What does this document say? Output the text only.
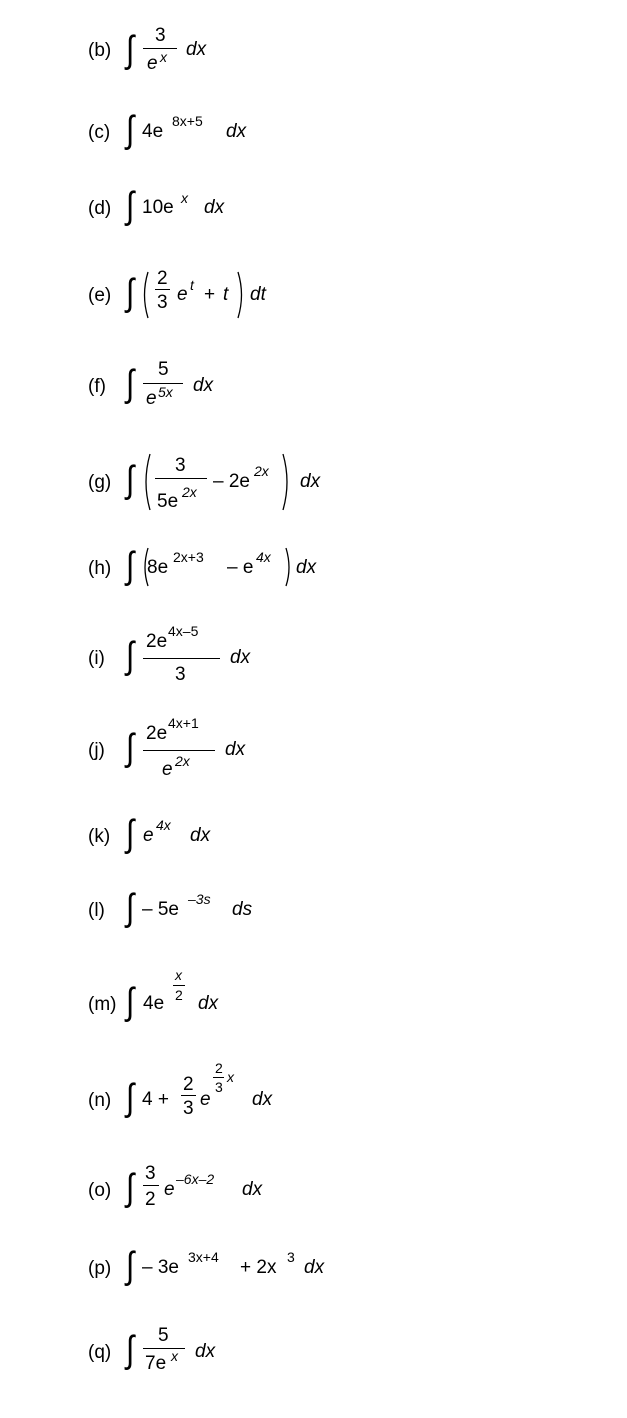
(b) ∫ 3
e x dx
(c) ∫ 4e 8x+5 dx
(d) ∫ 10e x dx
(e) ∫ 2
3 e t + t dt
(f) ∫ 5
e 5x dx
(g) ∫ 3
5e 2x – 2e 2x dx
(h) ∫ 8e 2x+3 – e 4x dx
(i) ∫ 2e 4x–5
3
dx
(j) ∫ 2e 4x+1
e 2x
dx
(k) ∫ e 4x dx
(l) ∫ – 5e –3s ds
(m) ∫ 4e
x
2 dx
(n) ∫ 4 +
2
3 e
2
3
x
dx
(o) ∫ 3
2 e –6x–2 dx
(p) ∫ – 3e 3x+4 + 2x 3 dx
(q) ∫ 5
7e x dx
